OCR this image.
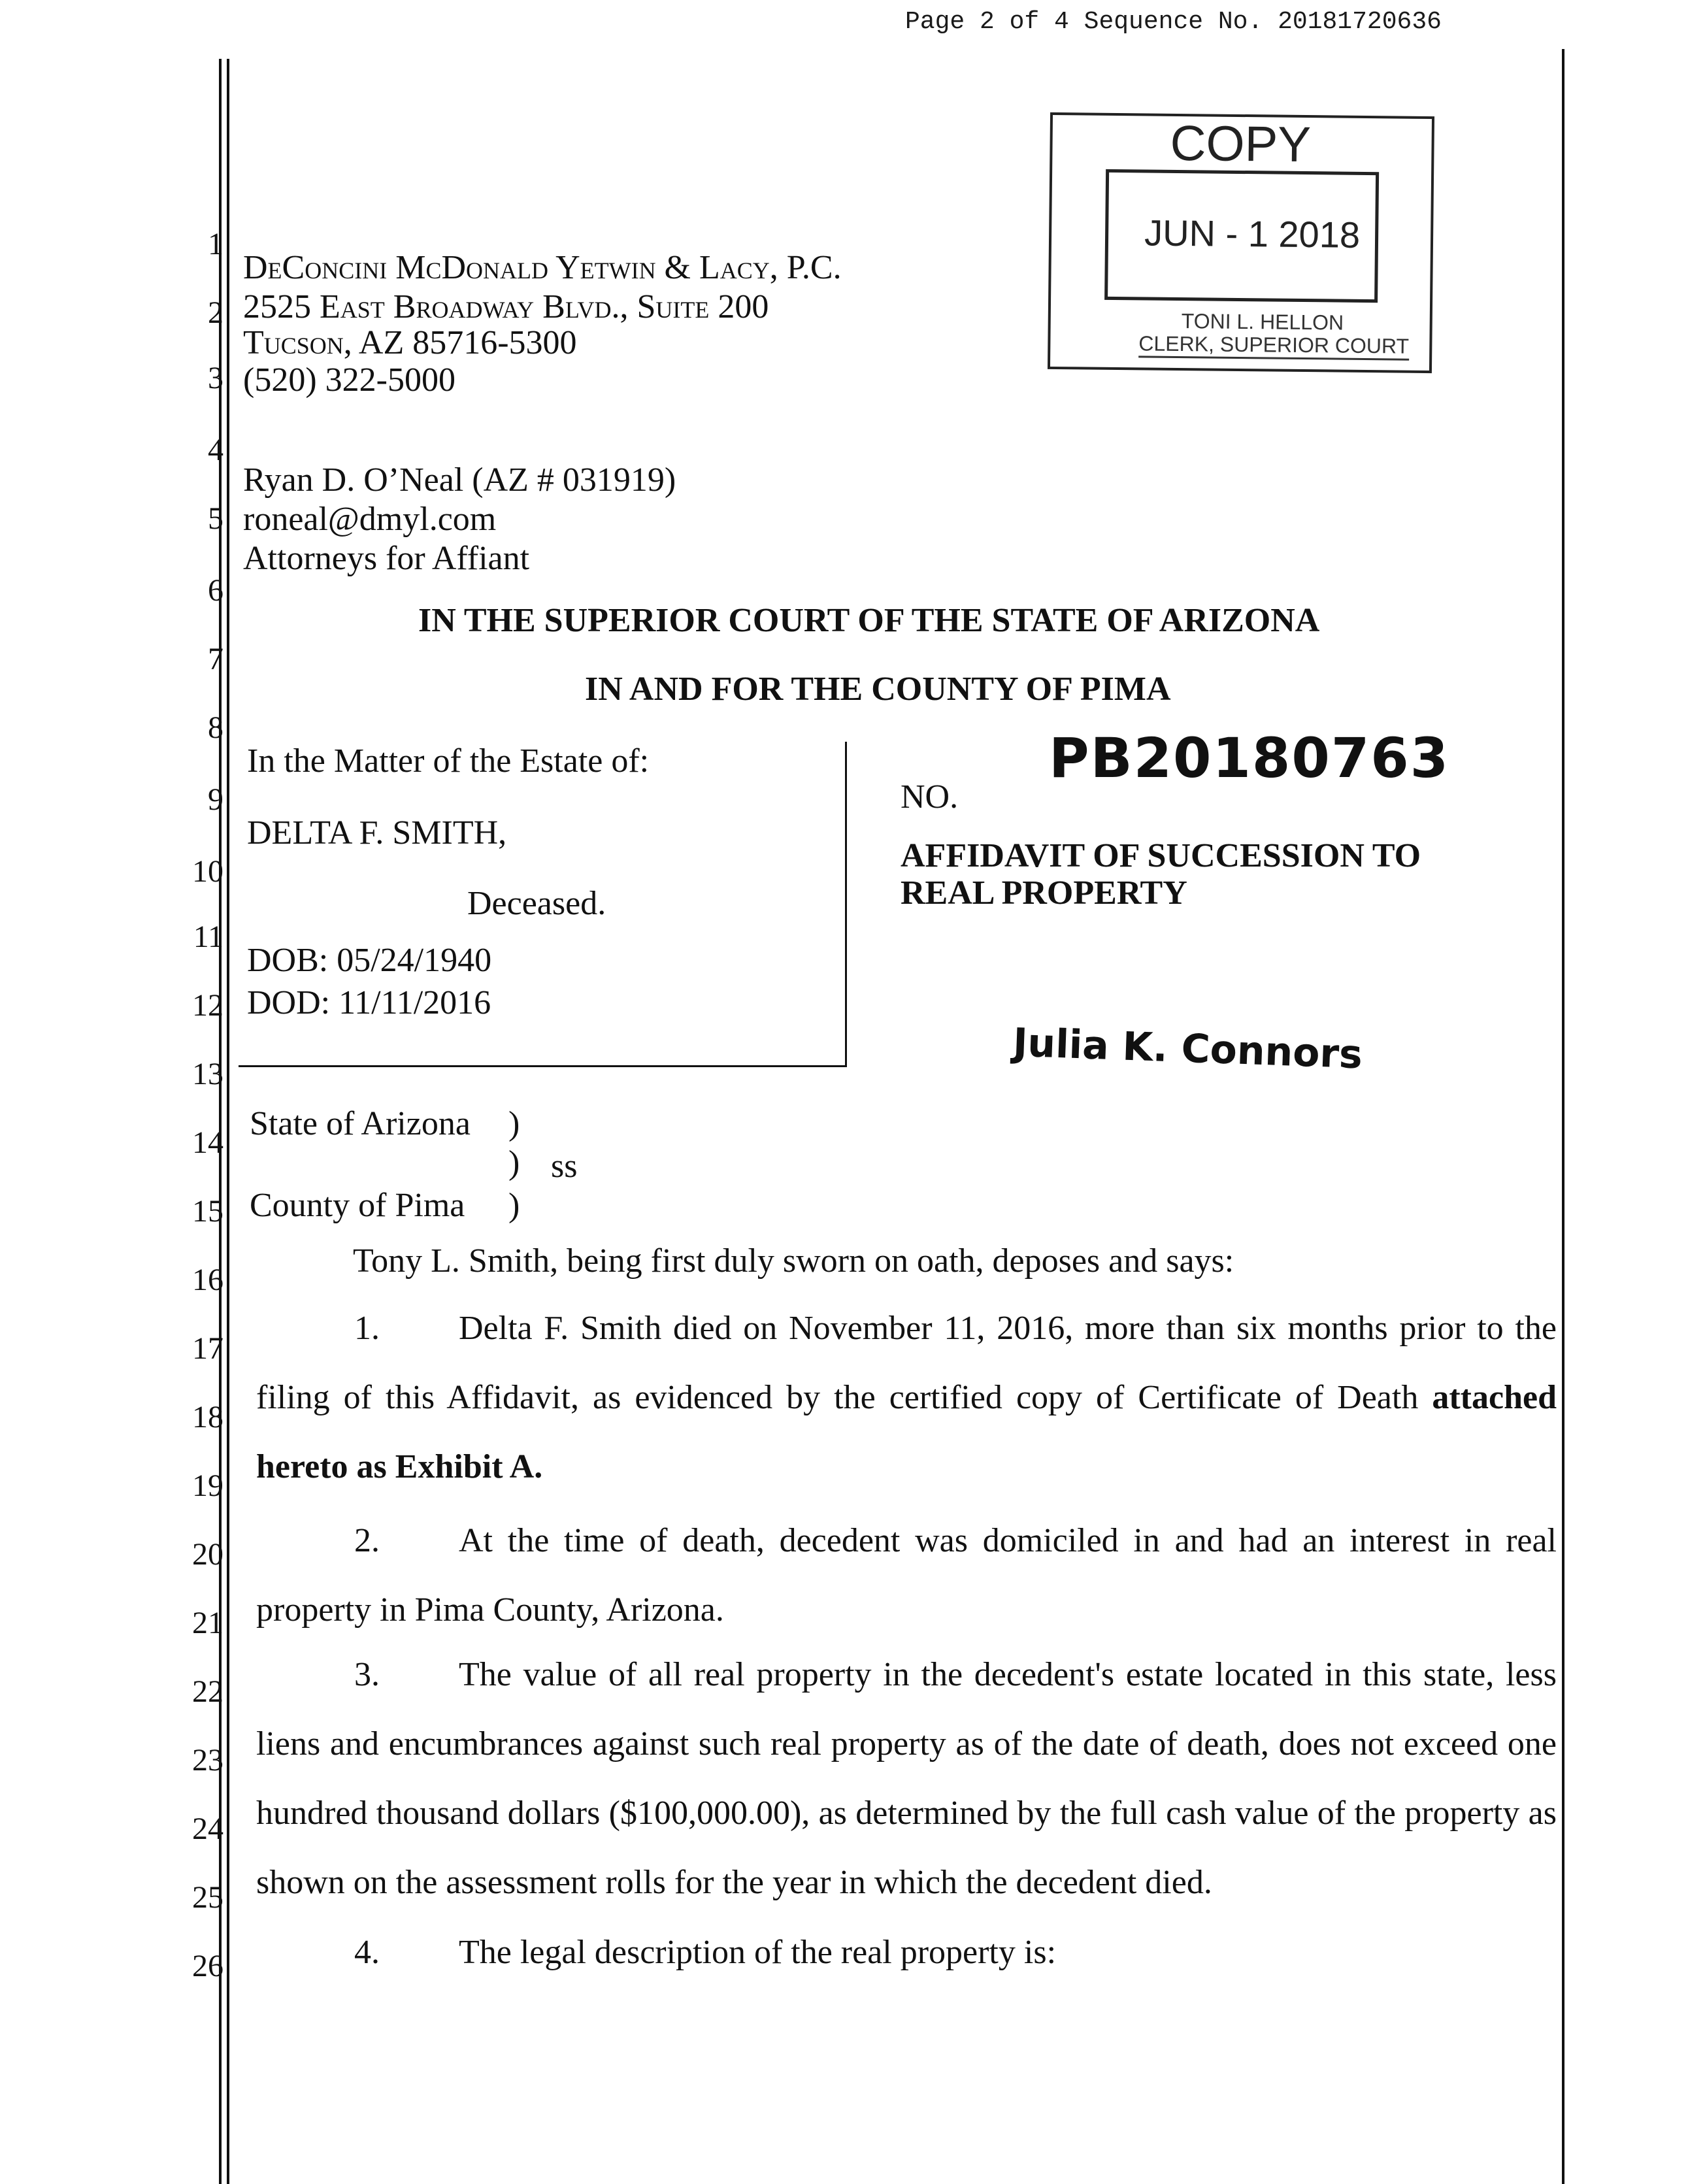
Page 2 of 4 Sequence No. 20181720636
1
2
3
4
5
6
7
8
9
10
11
12
13
14
15
16
17
18
19
20
21
22
23
24
25
26
COPY
JUN - 1 2018
TONI L. HELLON
CLERK, SUPERIOR COURT
DeConcini McDonald Yetwin & Lacy, P.C.
2525 East Broadway Blvd., Suite 200
Tucson, AZ 85716-5300
(520) 322-5000
Ryan D. O’Neal (AZ # 031919)
roneal@dmyl.com
Attorneys for Affiant
IN THE SUPERIOR COURT OF THE STATE OF ARIZONA
IN AND FOR THE COUNTY OF PIMA
In the Matter of the Estate of:
DELTA F. SMITH,
Deceased.
DOB: 05/24/1940
DOD: 11/11/2016
PB20180763
NO.
AFFIDAVIT OF SUCCESSION TO
REAL PROPERTY
Julia K. Connors
State of Arizona )
) ss
County of Pima )
Tony L. Smith, being first duly sworn on oath, deposes and says:
1. Delta F. Smith died on November 11, 2016, more than six months prior to the filing of this Affidavit, as evidenced by the certified copy of Certificate of Death attached hereto as Exhibit A.
2. At the time of death, decedent was domiciled in and had an interest in real property in Pima County, Arizona.
3. The value of all real property in the decedent's estate located in this state, less liens and encumbrances against such real property as of the date of death, does not exceed one hundred thousand dollars ($100,000.00), as determined by the full cash value of the property as shown on the assessment rolls for the year in which the decedent died.
4. The legal description of the real property is:
